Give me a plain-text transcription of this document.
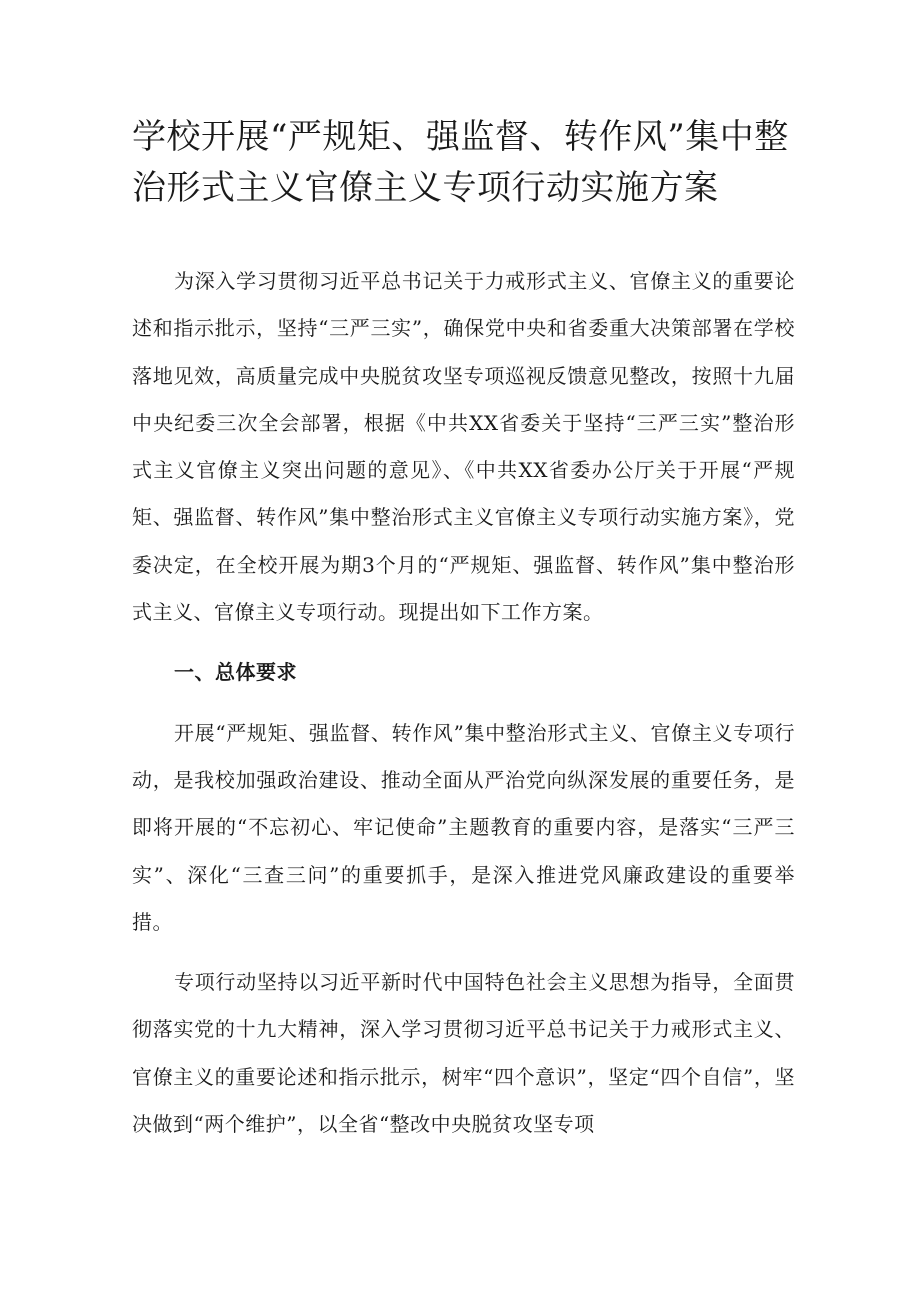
学校开展“严规矩、强监督、转作风”集中整治形式主义官僚主义专项行动实施方案

为深入学习贯彻习近平总书记关于力戒形式主义、官僚主义的重要论述和指示批示，坚持“三严三实”，确保党中央和省委重大决策部署在学校落地见效，高质量完成中央脱贫攻坚专项巡视反馈意见整改，按照十九届中央纪委三次全会部署，根据《中共XX省委关于坚持“三严三实”整治形式主义官僚主义突出问题的意见》、《中共XX省委办公厅关于开展“严规矩、强监督、转作风”集中整治形式主义官僚主义专项行动实施方案》，党委决定，在全校开展为期3个月的“严规矩、强监督、转作风”集中整治形式主义、官僚主义专项行动。现提出如下工作方案。

一、总体要求

开展“严规矩、强监督、转作风”集中整治形式主义、官僚主义专项行动，是我校加强政治建设、推动全面从严治党向纵深发展的重要任务，是即将开展的“不忘初心、牢记使命”主题教育的重要内容，是落实“三严三实”、深化“三查三问”的重要抓手，是深入推进党风廉政建设的重要举措。

专项行动坚持以习近平新时代中国特色社会主义思想为指导，全面贯彻落实党的十九大精神，深入学习贯彻习近平总书记关于力戒形式主义、官僚主义的重要论述和指示批示，树牢“四个意识”，坚定“四个自信”，坚决做到“两个维护”，以全省“整改中央脱贫攻坚专项
